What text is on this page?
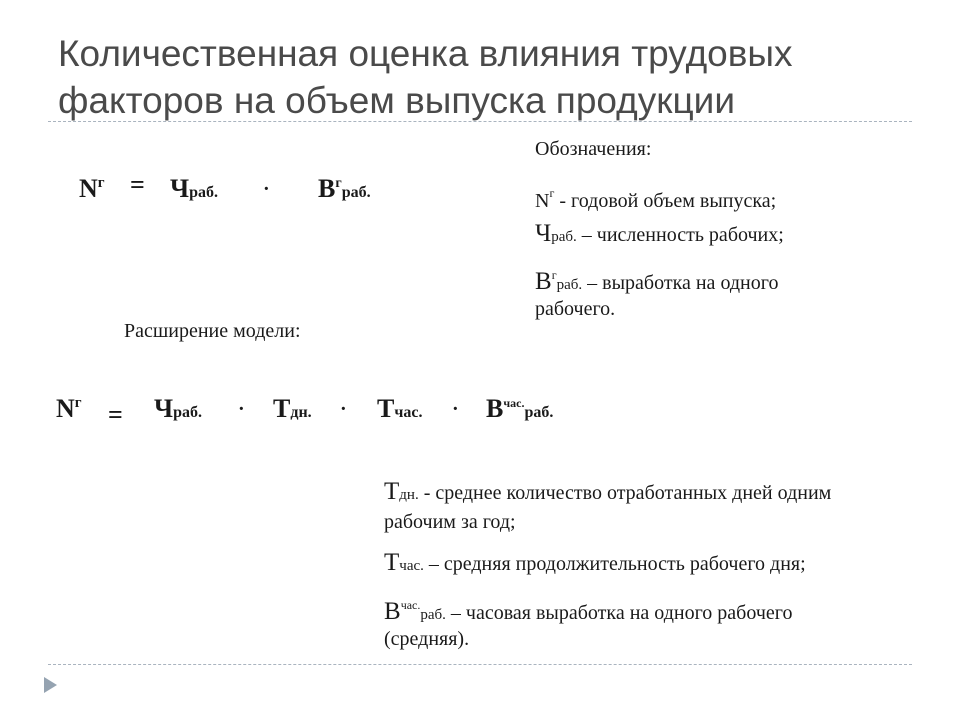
Количественная оценка влияния трудовых факторов на объем выпуска продукции
$N^г$ = Чраб. · $В^граб$.
Обозначения:
$N^г$ - годовой объем выпуска;
Чраб. – численность рабочих;
$В^граб$. – выработка на одного
рабочего.
Расширение модели:
$N^г$ = Чраб. · Тдн. · Тчас. · $В^{час.}раб$.
Тдн. - среднее количество отработанных дней одним
рабочим за год;
Тчас. – средняя продолжительность рабочего дня;
$В^{час.}раб$. – часовая выработка на одного рабочего
(средняя).
